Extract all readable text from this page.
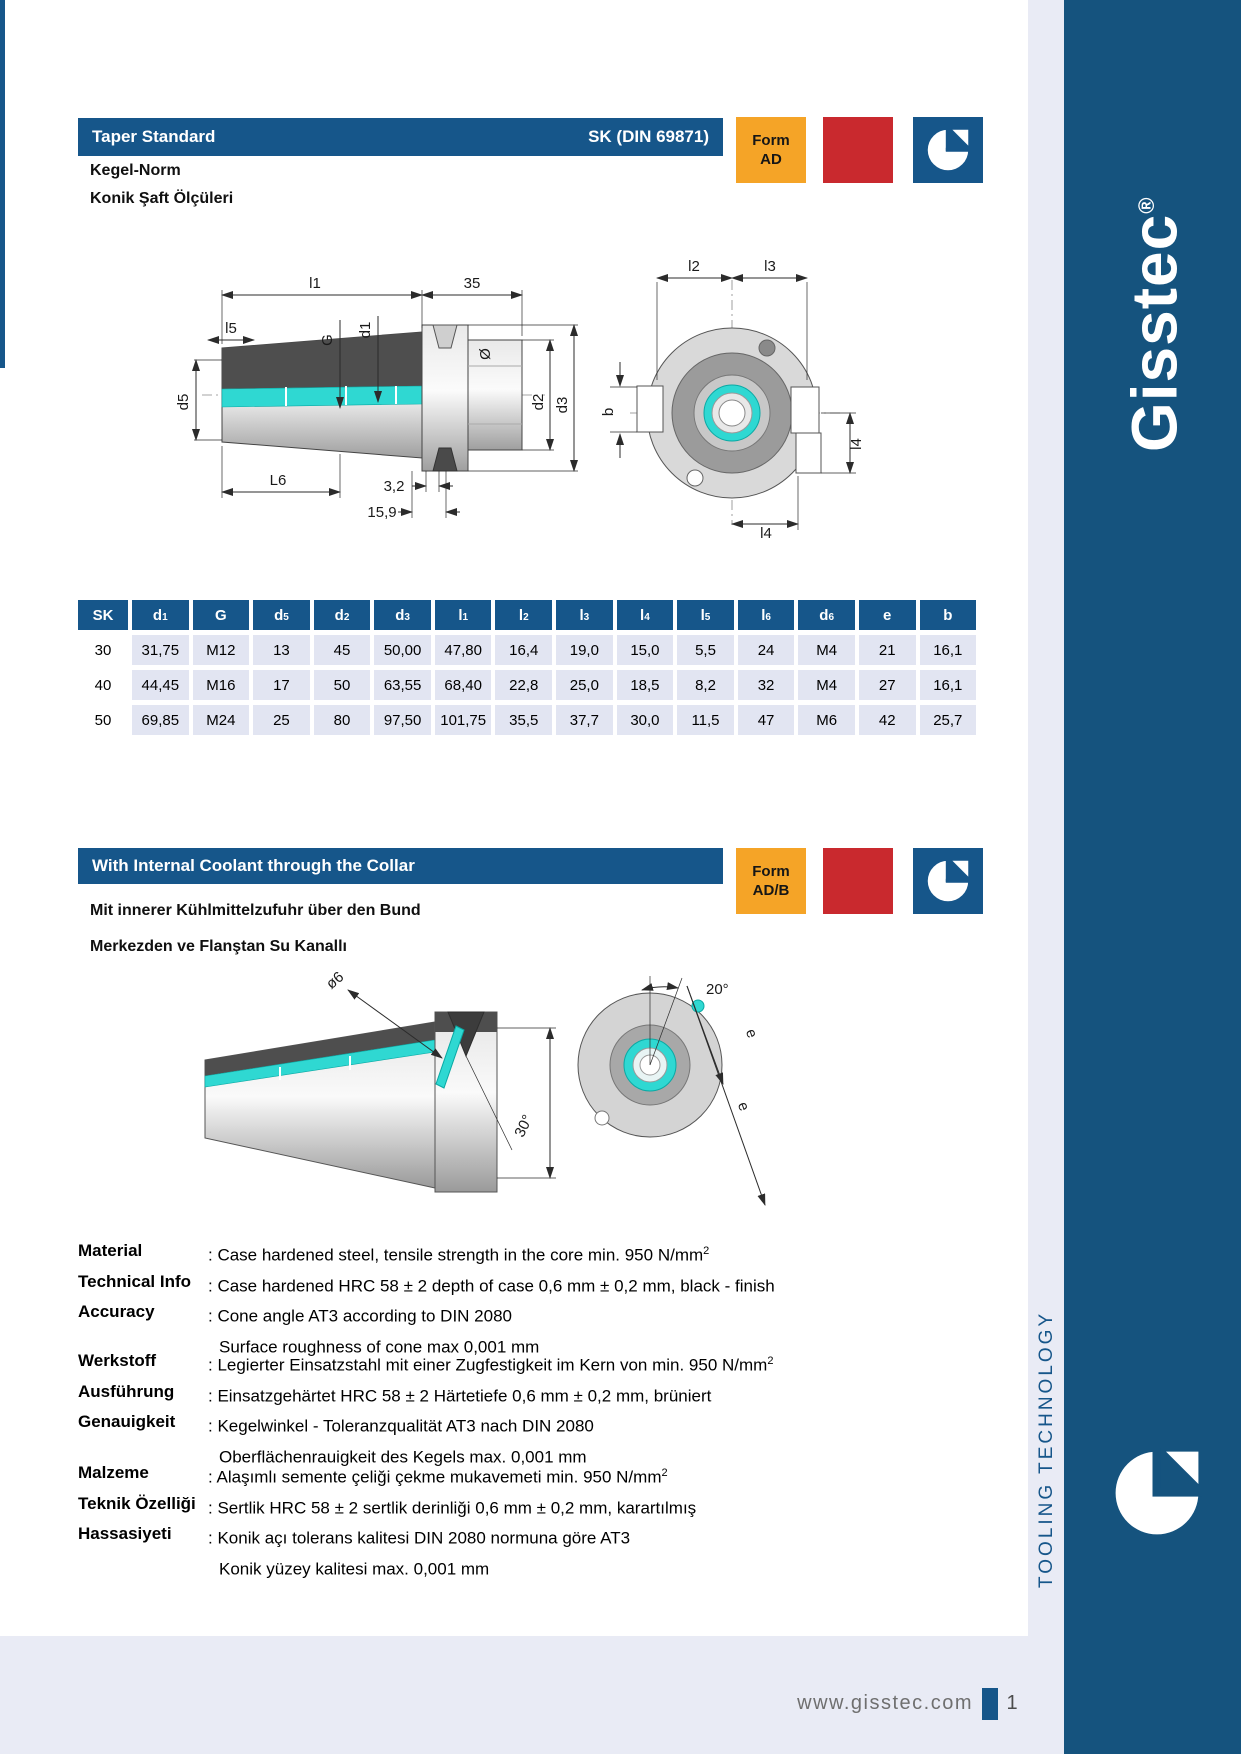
Taper Standard	SK (DIN 69871)
Kegel-Norm
Konik Şaft Ölçüleri
Form
AD
l1	35
l5
d5
G
d1
L6	3,2
15,9
Ø
d2 d3
l2	l3
b
l4
l4
SK	$d_1$	G	$d_5$	$d_2$	$d_3$	$l_1$	$l_2$	$l_3$	$l_4$	$l_5$	$l_6$	$d_6$	e	b
30	31,75	M12	13	45	50,00	47,80	16,4	19,0	15,0	5,5	24	M4	21	16,1
40	44,45	M16	17	50	63,55	68,40	22,8	25,0	18,5	8,2	32	M4	27	16,1
50	69,85	M24	25	80	97,50	101,75	35,5	37,7	30,0	11,5	47	M6	42	25,7
With Internal Coolant through the Collar
Mit innerer Kühlmittelzufuhr über den Bund
Merkezden ve Flanştan Su Kanallı
Form
AD/B
ø6
30°
20°
e
e
Material	: Case hardened steel, tensile strength in the core min. 950 $N/mm^2$
Technical Info : Case hardened HRC 58 ± 2 depth of case 0,6 mm ± 0,2 mm, black - finish
Accuracy	: Cone angle AT3 according to DIN 2080
Surface roughness of cone max 0,001 mm
Werkstoff	: Legierter Einsatzstahl mit einer Zugfestigkeit im Kern von min. 950 $N/mm^2$
Ausführung	: Einsatzgehärtet HRC 58 ± 2 Härtetiefe 0,6 mm ± 0,2 mm, brüniert
Genauigkeit	: Kegelwinkel - Toleranzqualität AT3 nach DIN 2080
Oberflächenrauigkeit des Kegels max. 0,001 mm
Malzeme	: Alaşımlı semente çeliği çekme mukavemeti min. 950 $N/mm^2$
Teknik Özelliği : Sertlik HRC 58 ± 2 sertlik derinliği 0,6 mm ± 0,2 mm, karartılmış
Hassasiyeti	: Konik açı tolerans kalitesi DIN 2080 normuna göre AT3
Konik yüzey kalitesi max. 0,001 mm
www.gisstec.com	1
Gisstec®
TOOLING TECHNOLOGY
